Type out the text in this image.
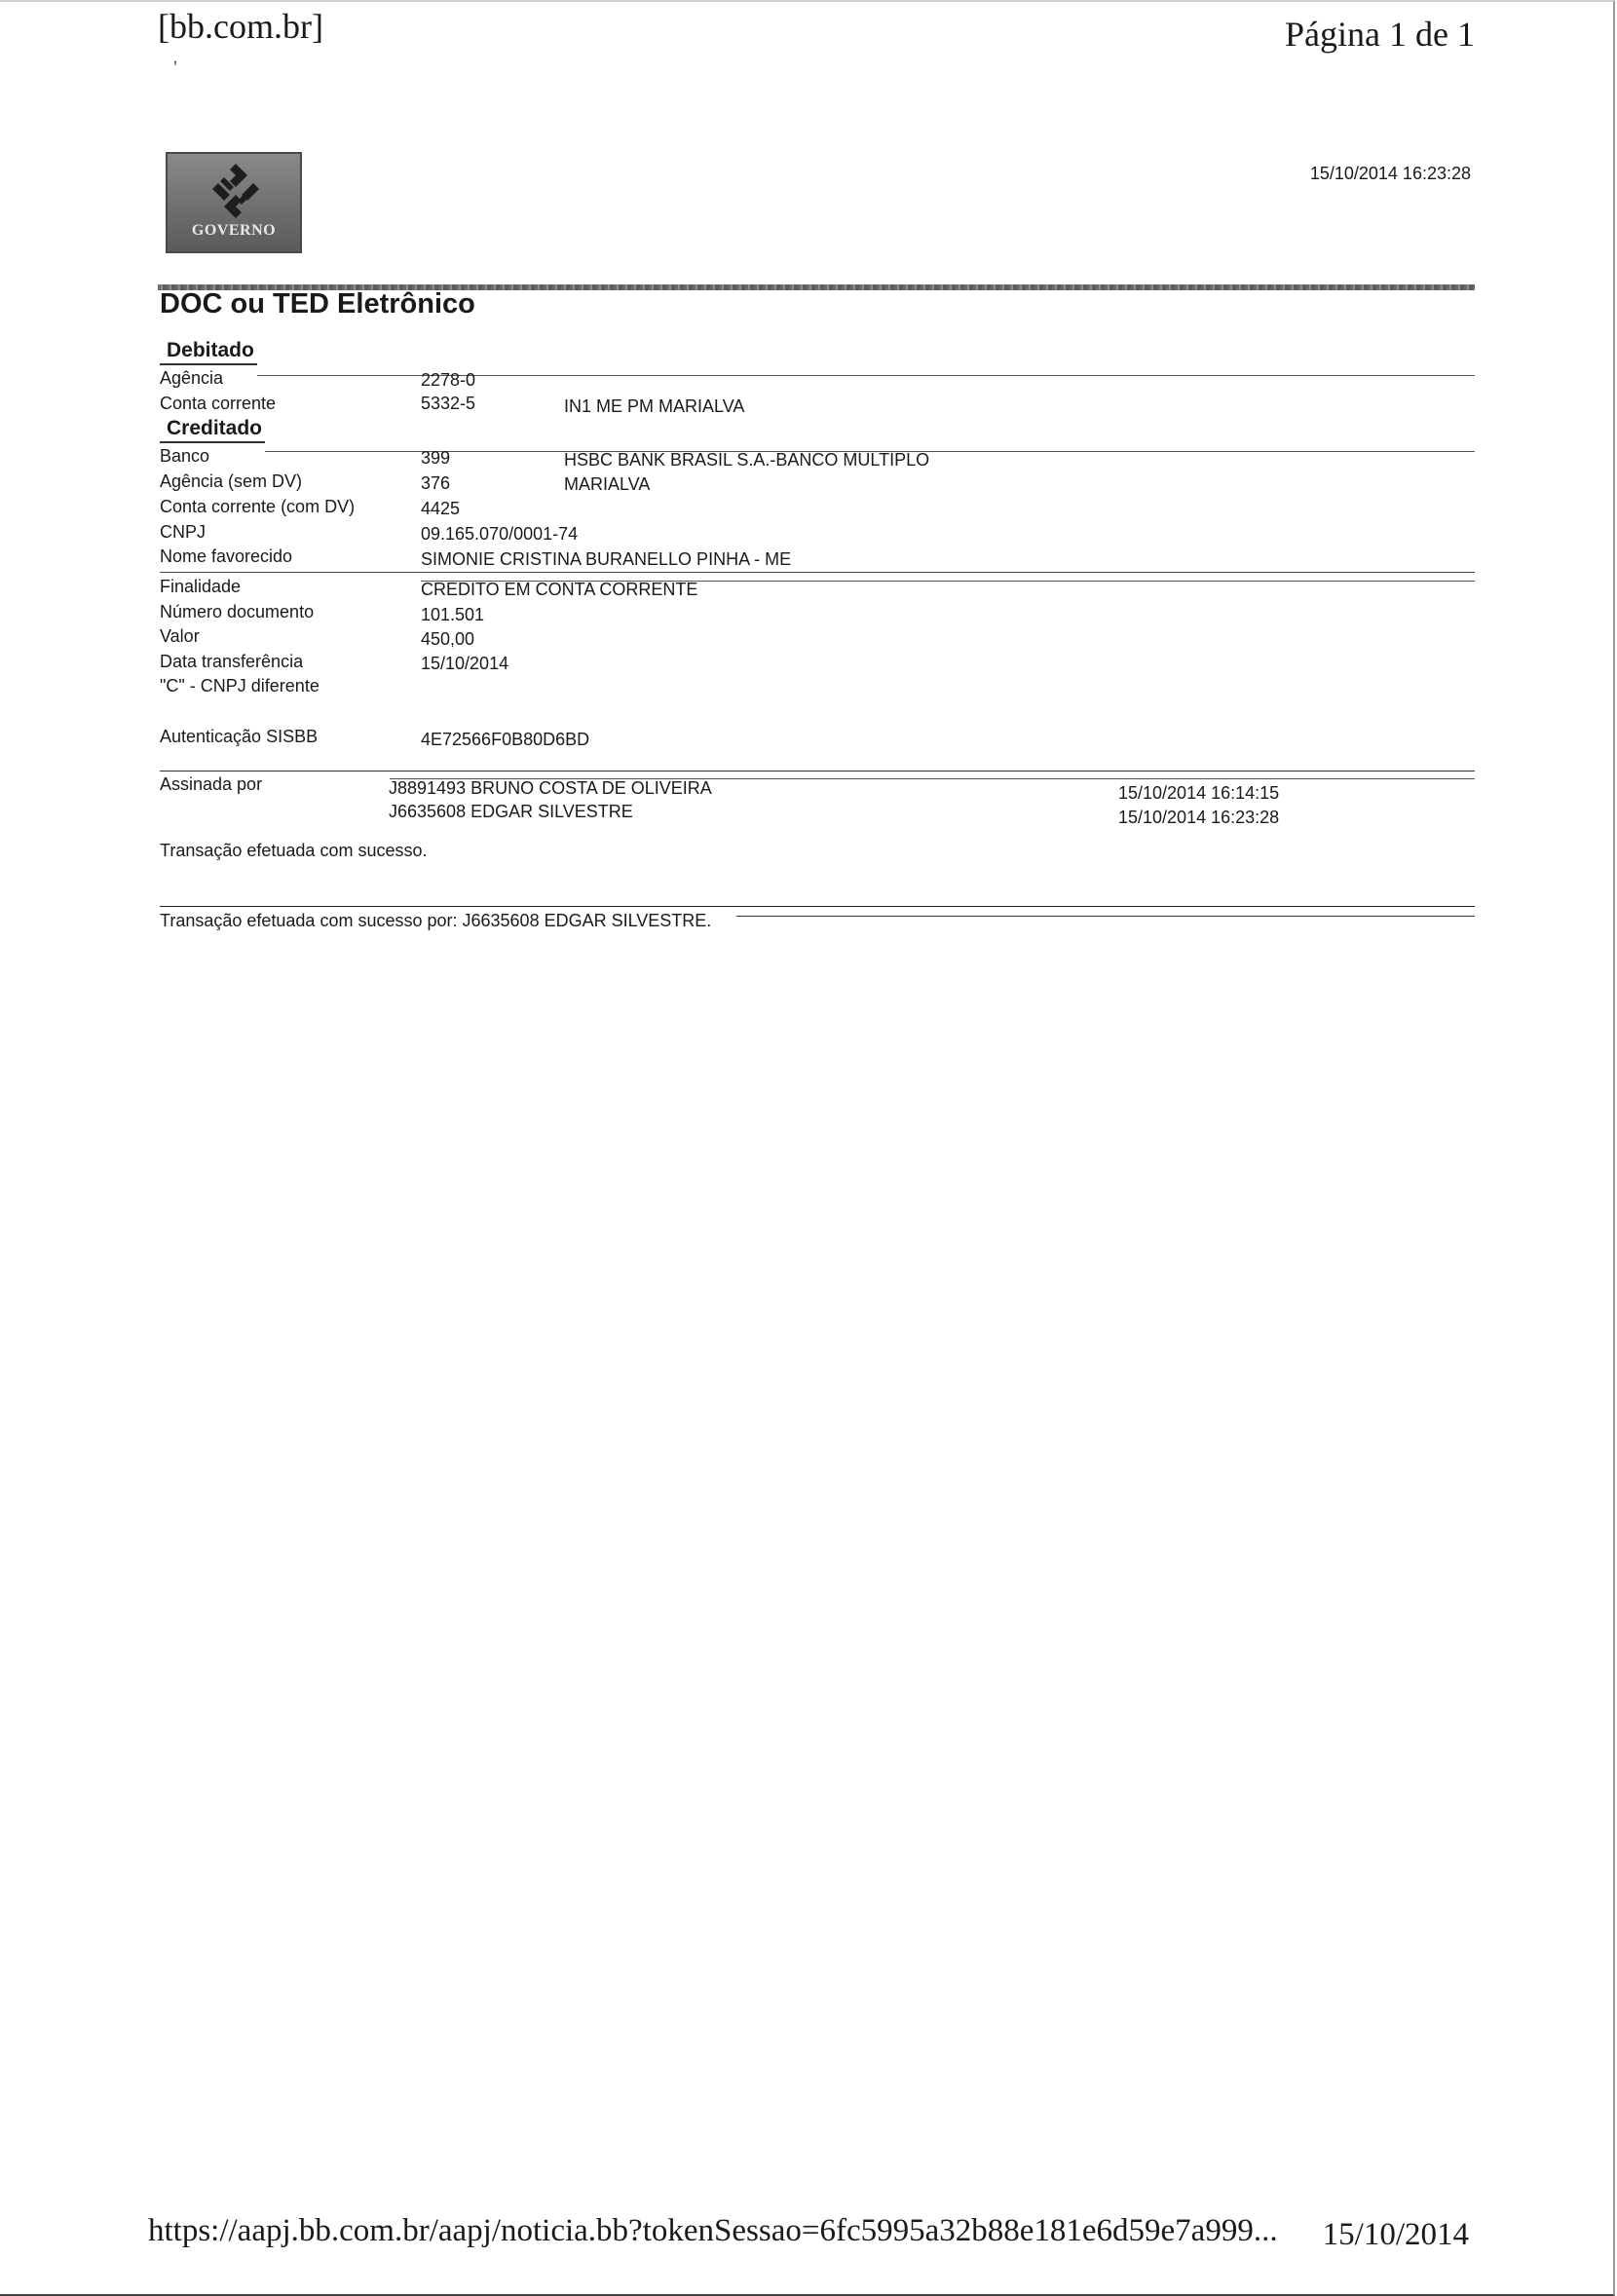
[bb.com.br]	Página 1 de 1
ʼ
GOVERNO
15/10/2014 16:23:28
DOC ou TED Eletrônico
Debitado
Agência	2278-0
Conta corrente	5332-5	IN1 ME PM MARIALVA
Creditado
Banco	399	HSBC BANK BRASIL S.A.-BANCO MULTIPLO
Agência (sem DV)	376	MARIALVA
Conta corrente (com DV)	4425
CNPJ	09.165.070/0001-74
Nome favorecido	SIMONIE CRISTINA BURANELLO PINHA - ME
Finalidade	CREDITO EM CONTA CORRENTE
Número documento	101.501
Valor	450,00
Data transferência	15/10/2014
"C" - CNPJ diferente
Autenticação SISBB	4E72566F0B80D6BD
Assinada por	J8891493 BRUNO COSTA DE OLIVEIRA	15/10/2014 16:14:15
J6635608 EDGAR SILVESTRE	15/10/2014 16:23:28
Transação efetuada com sucesso.
Transação efetuada com sucesso por: J6635608 EDGAR SILVESTRE.
https://aapj.bb.com.br/aapj/noticia.bb?tokenSessao=6fc5995a32b88e181e6d59e7a999... 15/10/2014
